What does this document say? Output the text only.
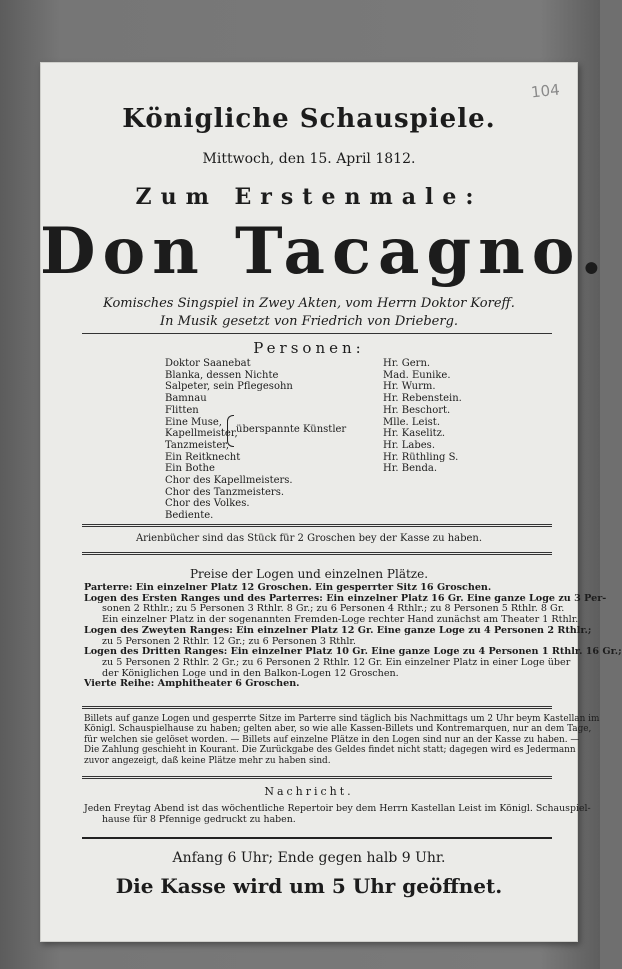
104
Königliche Schauspiele.
Mittwoch, den 15. April 1812.
Zum Erstenmale:
Don Tacagno.
Komisches Singspiel in Zwey Akten, vom Herrn Doktor Koreff.
In Musik gesetzt von Friedrich von Drieberg.
Personen:
Doktor Saanebat
Blanka, dessen Nichte
Salpeter, sein Pflegesohn
Bamnau
Flitten
Eine Muse,
Kapellmeister,
Tanzmeister,
Ein Reitknecht
Ein Bothe
Chor des Kapellmeisters.
Chor des Tanzmeisters.
Chor des Volkes.
Bediente.
überspannte Künstler
Hr. Gern.
Mad. Eunike.
Hr. Wurm.
Hr. Rebenstein.
Hr. Beschort.
Mlle. Leist.
Hr. Kaselitz.
Hr. Labes.
Hr. Rüthling S.
Hr. Benda.
Arienbücher sind das Stück für 2 Groschen bey der Kasse zu haben.
Preise der Logen und einzelnen Plätze.
Parterre: Ein einzelner Platz 12 Groschen. Ein gesperrter Sitz 16 Groschen.
Logen des Ersten Ranges und des Parterres: Ein einzelner Platz 16 Gr. Eine ganze Loge zu 3 Per-
sonen 2 Rthlr.; zu 5 Personen 3 Rthlr. 8 Gr.; zu 6 Personen 4 Rthlr.; zu 8 Personen 5 Rthlr. 8 Gr.
Ein einzelner Platz in der sogenannten Fremden-Loge rechter Hand zunächst am Theater 1 Rthlr.
Logen des Zweyten Ranges: Ein einzelner Platz 12 Gr. Eine ganze Loge zu 4 Personen 2 Rthlr.;
zu 5 Personen 2 Rthlr. 12 Gr.; zu 6 Personen 3 Rthlr.
Logen des Dritten Ranges: Ein einzelner Platz 10 Gr. Eine ganze Loge zu 4 Personen 1 Rthlr. 16 Gr.;
zu 5 Personen 2 Rthlr. 2 Gr.; zu 6 Personen 2 Rthlr. 12 Gr. Ein einzelner Platz in einer Loge über
der Königlichen Loge und in den Balkon-Logen 12 Groschen.
Vierte Reihe: Amphitheater 6 Groschen.
Billets auf ganze Logen und gesperrte Sitze im Parterre sind täglich bis Nachmittags um 2 Uhr beym Kastellan im
Königl. Schauspielhause zu haben; gelten aber, so wie alle Kassen-Billets und Kontremarquen, nur an dem Tage,
für welchen sie gelöset worden. — Billets auf einzelne Plätze in den Logen sind nur an der Kasse zu haben. —
Die Zahlung geschieht in Kourant. Die Zurückgabe des Geldes findet nicht statt; dagegen wird es Jedermann
zuvor angezeigt, daß keine Plätze mehr zu haben sind.
Nachricht.
Jeden Freytag Abend ist das wöchentliche Repertoir bey dem Herrn Kastellan Leist im Königl. Schauspiel-
hause für 8 Pfennige gedruckt zu haben.
Anfang 6 Uhr; Ende gegen halb 9 Uhr.
Die Kasse wird um 5 Uhr geöffnet.
